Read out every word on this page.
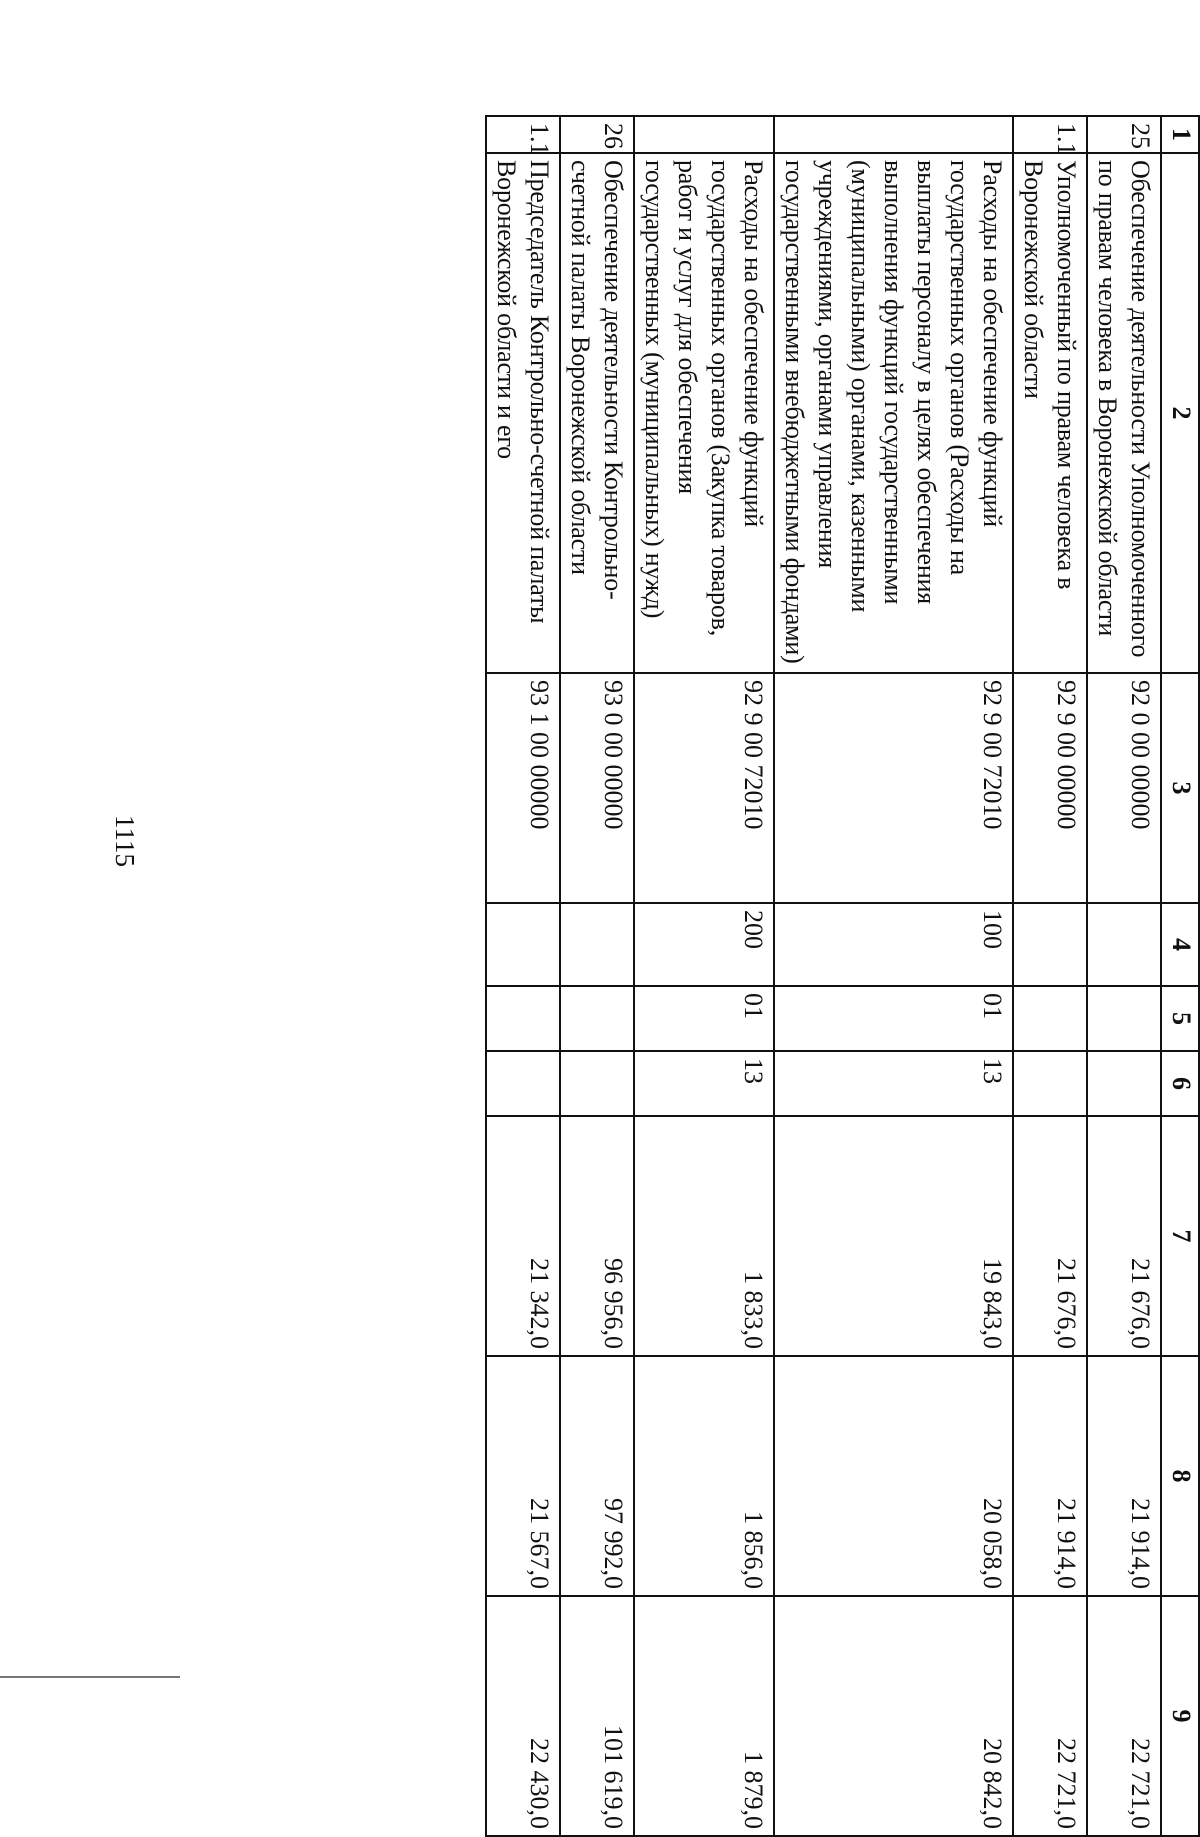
1115
1	2	3	4	5	6	7	8	9
25	Обеспечение деятельности Уполномоченного по правам человека в Воронежской области	92 0 00 00000				21 676,0	21 914,0	22 721,0
1.1	Уполномоченный по правам человека в Воронежской области	92 9 00 00000				21 676,0	21 914,0	22 721,0
	Расходы на обеспечение функций государственных органов (Расходы на выплаты персоналу в целях обеспечения выполнения функций государственными (муниципальными) органами, казенными учреждениями, органами управления государственными внебюджетными фондами)	92 9 00 72010	100	01	13	19 843,0	20 058,0	20 842,0
	Расходы на обеспечение функций государственных органов (Закупка товаров, работ и услуг для обеспечения государственных (муниципальных) нужд)	92 9 00 72010	200	01	13	1 833,0	1 856,0	1 879,0
26	Обеспечение деятельности Контрольно-счетной палаты Воронежской области	93 0 00 00000				96 956,0	97 992,0	101 619,0
1.1	Председатель Контрольно-счетной палаты Воронежской области и его	93 1 00 00000				21 342,0	21 567,0	22 430,0
